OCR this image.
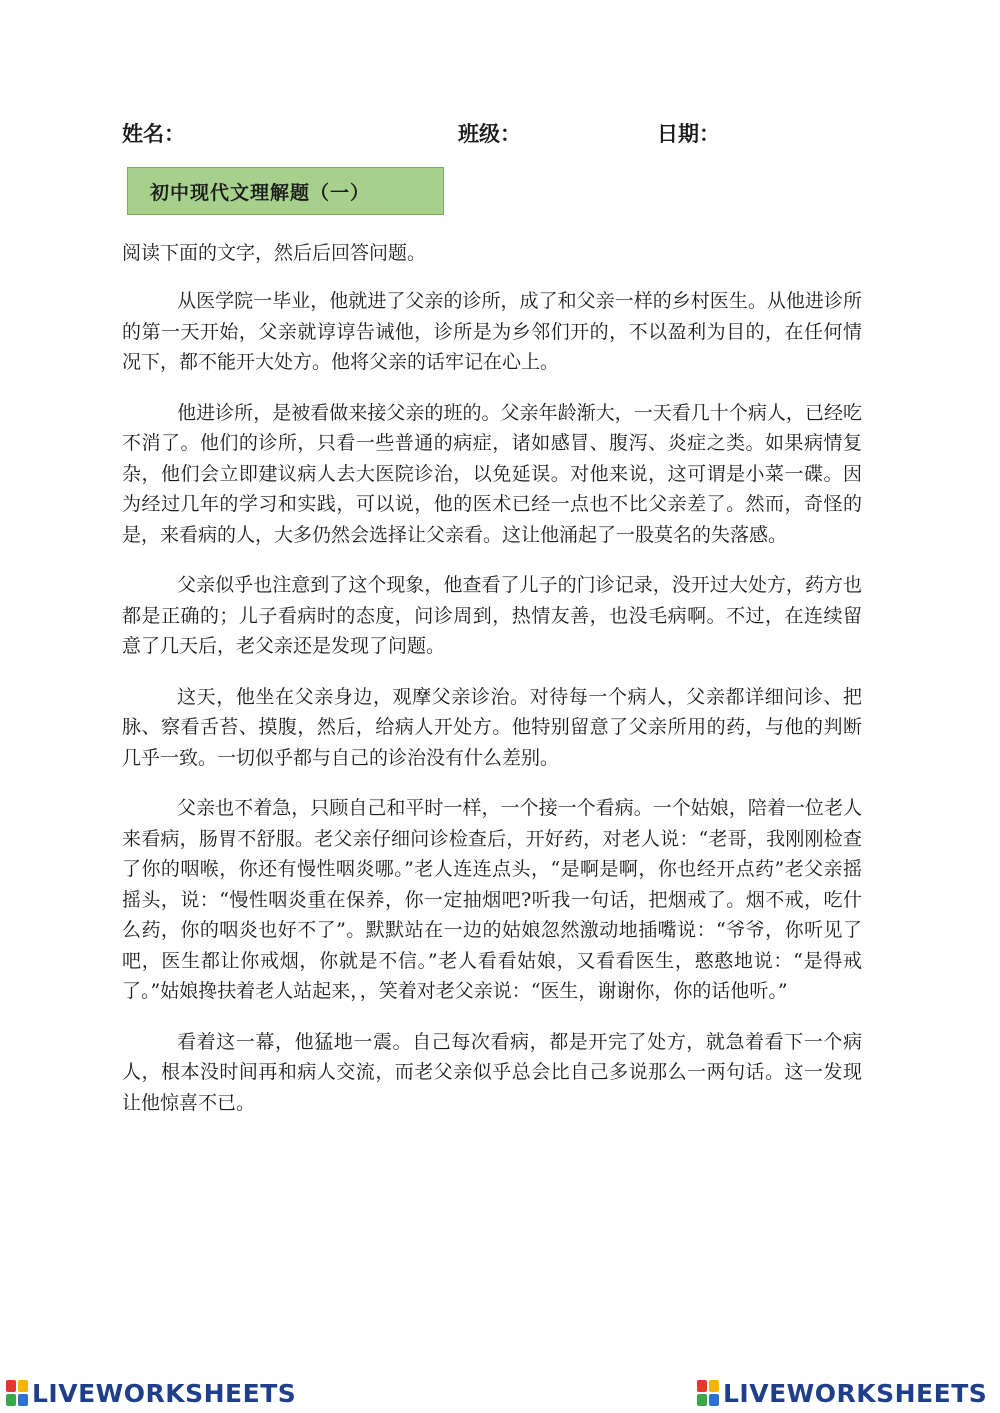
姓名：	班级：	日期：
初中现代文理解题（一）
阅读下面的文字，然后后回答问题。

从医学院一毕业，他就进了父亲的诊所，成了和父亲一样的乡村医生。从他进诊所的第一天开始，父亲就谆谆告诫他，诊所是为乡邻们开的，不以盈利为目的，在任何情况下，都不能开大处方。他将父亲的话牢记在心上。

他进诊所，是被看做来接父亲的班的。父亲年龄渐大，一天看几十个病人，已经吃不消了。他们的诊所，只看一些普通的病症，诸如感冒、腹泻、炎症之类。如果病情复杂，他们会立即建议病人去大医院诊治，以免延误。对他来说，这可谓是小菜一碟。因为经过几年的学习和实践，可以说，他的医术已经一点也不比父亲差了。然而，奇怪的是，来看病的人，大多仍然会选择让父亲看。这让他涌起了一股莫名的失落感。

父亲似乎也注意到了这个现象，他查看了儿子的门诊记录，没开过大处方，药方也都是正确的；儿子看病时的态度，问诊周到，热情友善，也没毛病啊。不过，在连续留意了几天后，老父亲还是发现了问题。

这天，他坐在父亲身边，观摩父亲诊治。对待每一个病人，父亲都详细问诊、把脉、察看舌苔、摸腹，然后，给病人开处方。他特别留意了父亲所用的药，与他的判断几乎一致。一切似乎都与自己的诊治没有什么差别。

父亲也不着急，只顾自己和平时一样，一个接一个看病。一个姑娘，陪着一位老人来看病，肠胃不舒服。老父亲仔细问诊检查后，开好药，对老人说：“老哥，我刚刚检查了你的咽喉，你还有慢性咽炎哪。”老人连连点头，“是啊是啊，你也经开点药”老父亲摇摇头，说：“慢性咽炎重在保养，你一定抽烟吧?听我一句话，把烟戒了。烟不戒，吃什么药，你的咽炎也好不了”。默默站在一边的姑娘忽然激动地插嘴说：“爷爷，你听见了吧，医生都让你戒烟，你就是不信。”老人看看姑娘，又看看医生，憨憨地说：“是得戒了。”姑娘搀扶着老人站起来，，笑着对老父亲说：“医生，谢谢你，你的话他听。”

看着这一幕，他猛地一震。自己每次看病，都是开完了处方，就急着看下一个病人，根本没时间再和病人交流，而老父亲似乎总会比自己多说那么一两句话。这一发现让他惊喜不已。

LIVEWORKSHEETS	LIVEWORKSHEETS
